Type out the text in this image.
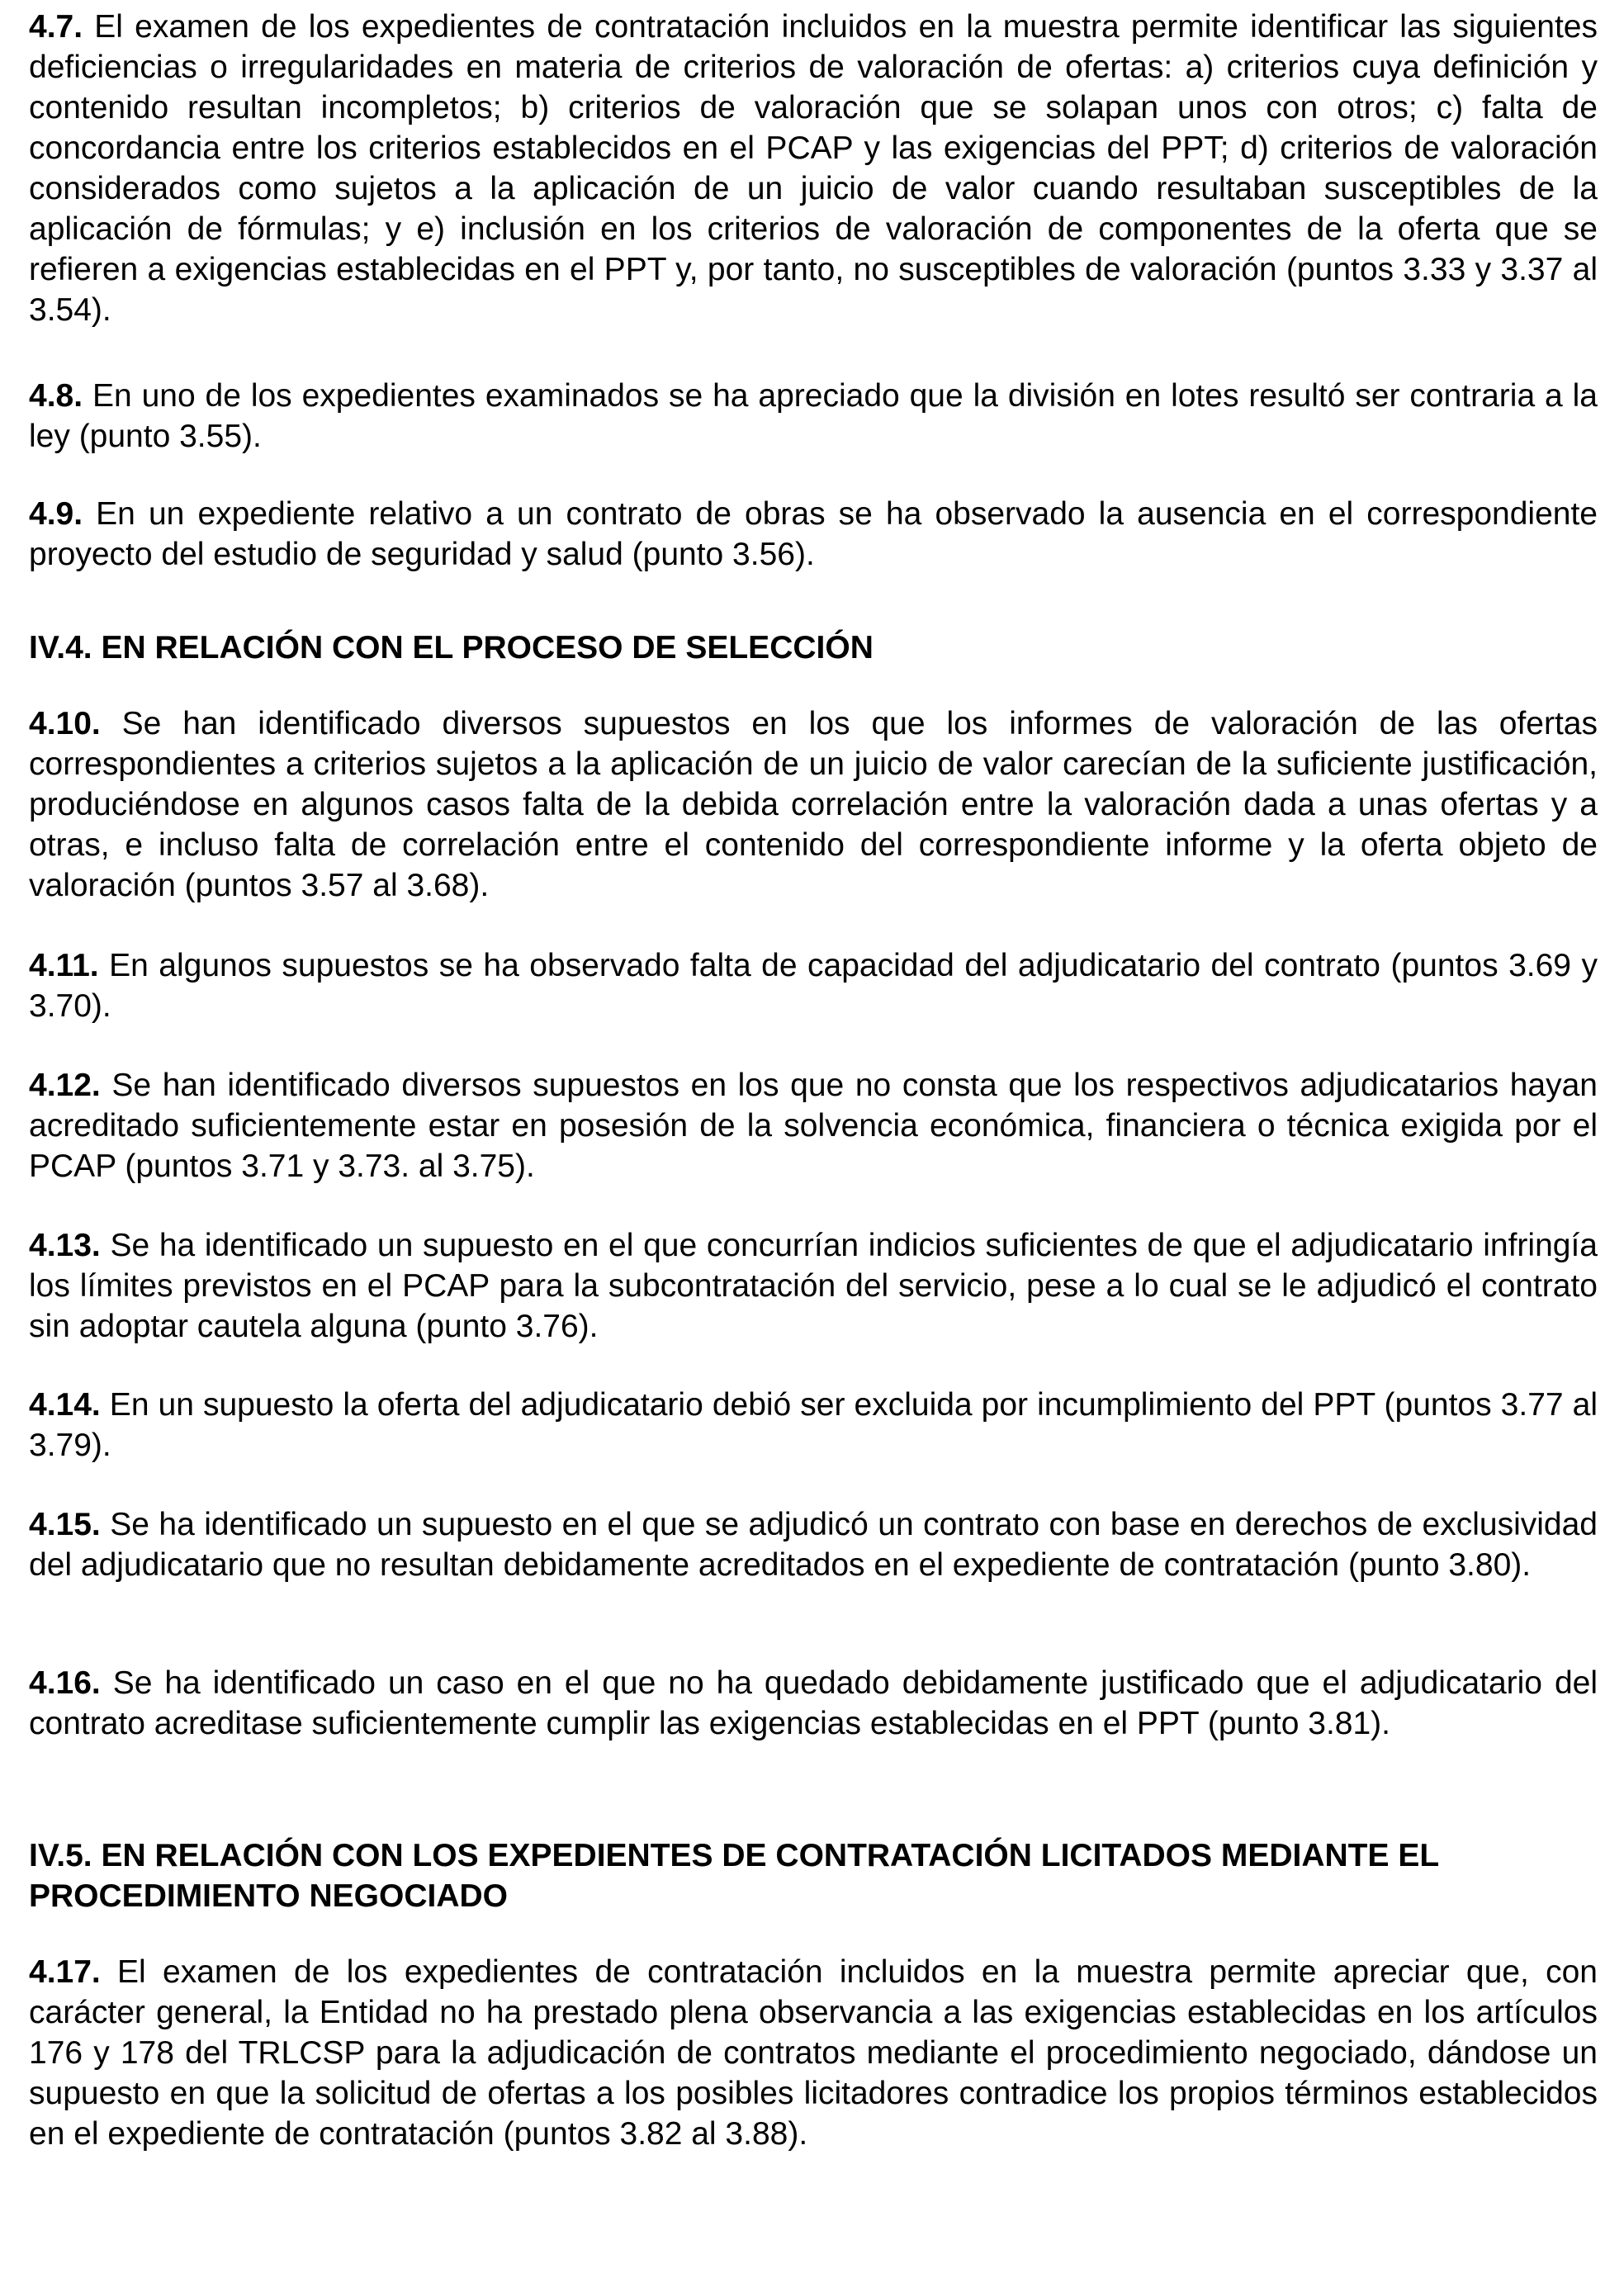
4.7. El examen de los expedientes de contratación incluidos en la muestra permite identificar las siguientes deficiencias o irregularidades en materia de criterios de valoración de ofertas: a) criterios cuya definición y contenido resultan incompletos; b) criterios de valoración que se solapan unos con otros; c) falta de concordancia entre los criterios establecidos en el PCAP y las exigencias del PPT; d) criterios de valoración considerados como sujetos a la aplicación de un juicio de valor cuando resultaban susceptibles de la aplicación de fórmulas; y e) inclusión en los criterios de valoración de componentes de la oferta que se refieren a exigencias establecidas en el PPT y, por tanto, no susceptibles de valoración (puntos 3.33 y 3.37 al 3.54).

4.8. En uno de los expedientes examinados se ha apreciado que la división en lotes resultó ser contraria a la ley (punto 3.55).

4.9. En un expediente relativo a un contrato de obras se ha observado la ausencia en el correspondiente proyecto del estudio de seguridad y salud (punto 3.56).

IV.4. EN RELACIÓN CON EL PROCESO DE SELECCIÓN

4.10. Se han identificado diversos supuestos en los que los informes de valoración de las ofertas correspondientes a criterios sujetos a la aplicación de un juicio de valor carecían de la suficiente justificación, produciéndose en algunos casos falta de la debida correlación entre la valoración dada a unas ofertas y a otras, e incluso falta de correlación entre el contenido del correspondiente informe y la oferta objeto de valoración (puntos 3.57 al 3.68).

4.11. En algunos supuestos se ha observado falta de capacidad del adjudicatario del contrato (puntos 3.69 y 3.70).

4.12. Se han identificado diversos supuestos en los que no consta que los respectivos adjudicatarios hayan acreditado suficientemente estar en posesión de la solvencia económica, financiera o técnica exigida por el PCAP (puntos 3.71 y 3.73. al 3.75).

4.13. Se ha identificado un supuesto en el que concurrían indicios suficientes de que el adjudicatario infringía los límites previstos en el PCAP para la subcontratación del servicio, pese a lo cual se le adjudicó el contrato sin adoptar cautela alguna (punto 3.76).

4.14. En un supuesto la oferta del adjudicatario debió ser excluida por incumplimiento del PPT (puntos 3.77 al 3.79).

4.15. Se ha identificado un supuesto en el que se adjudicó un contrato con base en derechos de exclusividad del adjudicatario que no resultan debidamente acreditados en el expediente de contratación (punto 3.80).

4.16. Se ha identificado un caso en el que no ha quedado debidamente justificado que el adjudicatario del contrato acreditase suficientemente cumplir las exigencias establecidas en el PPT (punto 3.81).

IV.5. EN RELACIÓN CON LOS EXPEDIENTES DE CONTRATACIÓN LICITADOS MEDIANTE EL PROCEDIMIENTO NEGOCIADO

4.17. El examen de los expedientes de contratación incluidos en la muestra permite apreciar que, con carácter general, la Entidad no ha prestado plena observancia a las exigencias establecidas en los artículos 176 y 178 del TRLCSP para la adjudicación de contratos mediante el procedimiento negociado, dándose un supuesto en que la solicitud de ofertas a los posibles licitadores contradice los propios términos establecidos en el expediente de contratación (puntos 3.82 al 3.88).
